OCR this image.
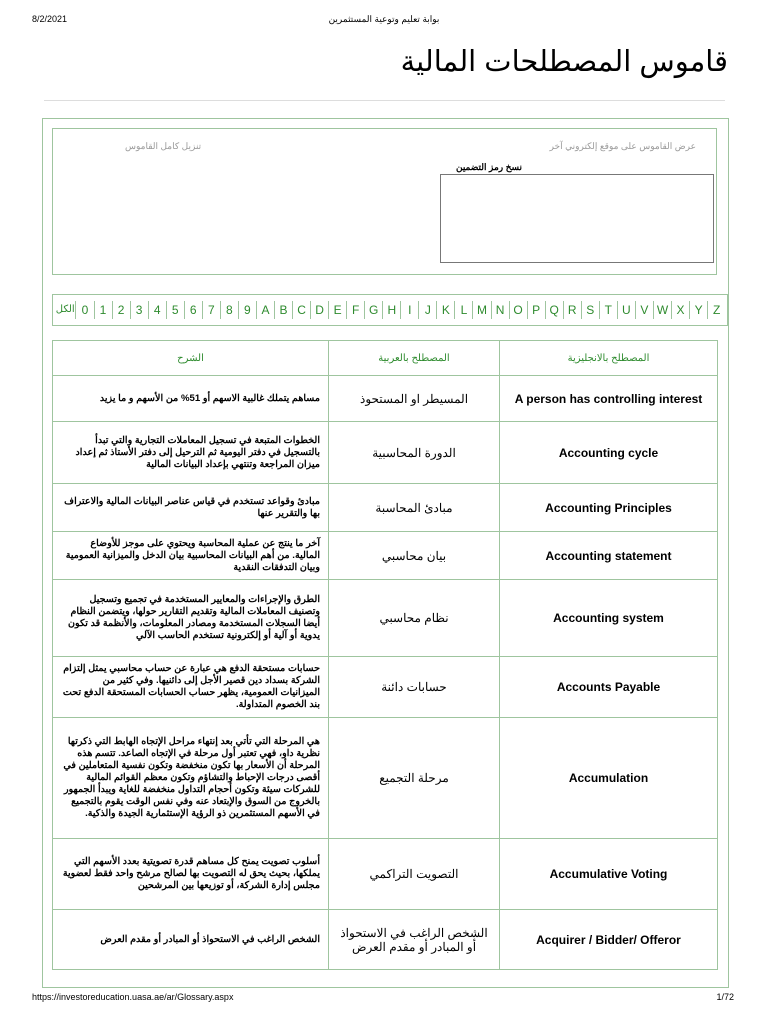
8/2/2021	بوابة تعليم وتوعية المستثمرين
قاموس المصطلحات المالية
عرض القاموس على موقع إلكتروني آخر
تنزيل كامل القاموس
نسخ رمز التضمين
الكل 0 1 2 3 4 5 6 7 8 9 A B C D E F G H	I	J K L M N O P Q R S T U V W X Y Z
الشرح	المصطلح بالعربية	المصطلح بالانجليزية
مساهم يتملك غالبية الاسهم أو 51% من الأسهم و ما يزيد	المسيطر او المستحوذ	A person has controlling interest
الخطوات المتبعة في تسجيل المعاملات التجارية والتي تبدأ بالتسجيل في دفتر اليومية ثم الترحيل إلى دفتر الأستاذ ثم إعداد ميزان المراجعة وتنتهي بإعداد البيانات المالية	الدورة المحاسبية	Accounting cycle
مبادئ وقواعد تستخدم في قياس عناصر البيانات المالية والاعتراف بها والتقرير عنها	مبادئ المحاسبة	Accounting Principles
آخر ما ينتج عن عملية المحاسبة ويحتوي على موجز للأوضاع المالية. من أهم البيانات المحاسبية بيان الدخل والميزانية العمومية وبيان التدفقات النقدية	بيان محاسبي	Accounting statement
الطرق والإجراءات والمعايير المستخدمة في تجميع وتسجيل وتصنيف المعاملات المالية وتقديم التقارير حولها، ويتضمن النظام أيضا السجلات المستخدمة ومصادر المعلومات، والأنظمة قد تكون يدوية أو آلية أو إلكترونية تستخدم الحاسب الآلي	نظام محاسبي	Accounting system
حسابات مستحقة الدفع هي عبارة عن حساب محاسبي يمثل إلتزام الشركة بسداد دين قصير الأجل إلى دائنيها. وفي كثير من الميزانيات العمومية، يظهر حساب الحسابات المستحقة الدفع تحت بند الخصوم المتداولة.	حسابات دائنة	Accounts Payable
هي المرحلة التي تأتي بعد إنتهاء مراحل الإتجاه الهابط التي ذكرتها نظرية داو، فهي تعتبر أول مرحلة في الإتجاه الصاعد. تتسم هذه المرحلة أن الأسعار بها تكون منخفضة وتكون نفسية المتعاملين في أقصى درجات الإحباط والتشاؤم وتكون معظم القوائم المالية للشركات سيئة وتكون أحجام التداول منخفضة للغاية ويبدأ الجمهور بالخروج من السوق والإبتعاد عنه وفي نفس الوقت يقوم بالتجميع في الأسهم المستثمرين ذو الرؤية الإستثمارية الجيدة والذكية.	مرحلة التجميع	Accumulation
أسلوب تصويت يمنح كل مساهم قدرة تصويتية بعدد الأسهم التي يملكها، بحيث يحق له التصويت بها لصالح مرشح واحد فقط لعضوية مجلس إدارة الشركة، أو توزيعها بين المرشحين	التصويت التراكمي	Accumulative Voting
الشخص الراغب في الاستحواذ أو المبادر أو مقدم العرض	الشخص الراغب في الاستحواذ أو المبادر أو مقدم العرض	Acquirer / Bidder/ Offeror
https://investoreducation.uasa.ae/ar/Glossary.aspx	1/72
